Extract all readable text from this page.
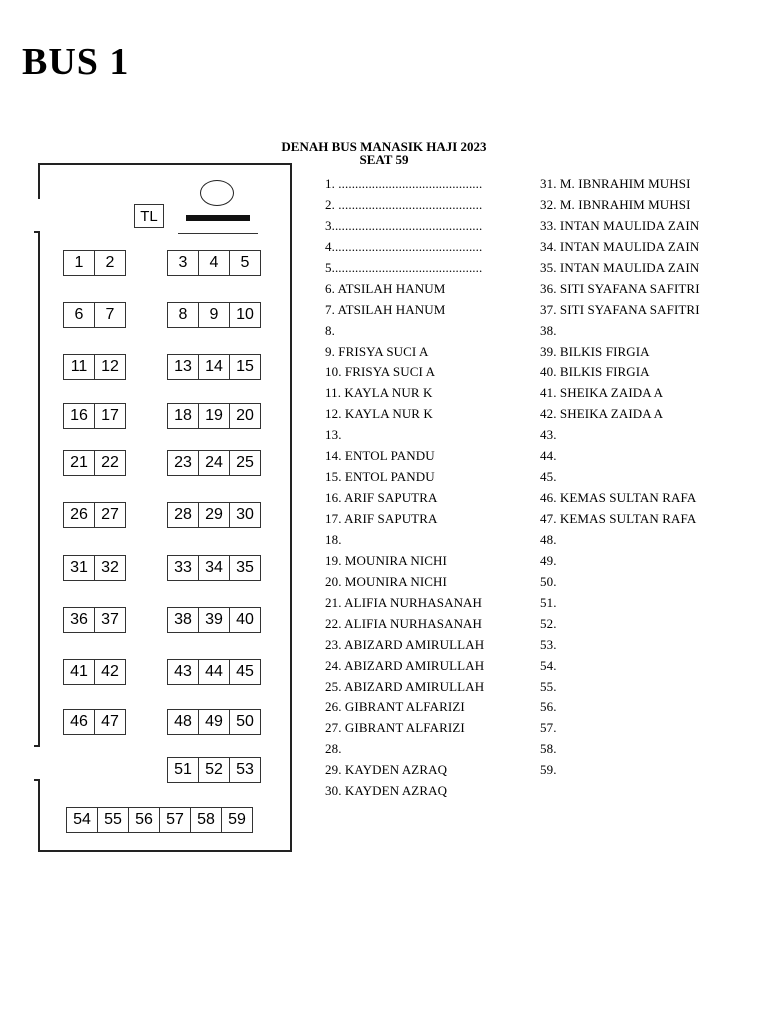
BUS 1
DENAH BUS MANASIK HAJI 2023
SEAT 59
TL
1	2	3	4	5
6	7	8	9	10
11 12	13 14 15
16 17	18 19 20
21 22	23 24 25
26 27	28 29 30
31 32	33 34 35
36 37	38 39 40
41 42	43 44 45
46 47	48 49 50
51 52 53
54 55 56 57 58 59
1. ...........................................
2. ...........................................
3.............................................
4.............................................
5.............................................
6. ATSILAH HANUM
7. ATSILAH HANUM
8.
9. FRISYA SUCI A
10. FRISYA SUCI A
11. KAYLA NUR K
12. KAYLA NUR K
13.
14. ENTOL PANDU
15. ENTOL PANDU
16. ARIF SAPUTRA
17. ARIF SAPUTRA
18.
19. MOUNIRA NICHI
20. MOUNIRA NICHI
21. ALIFIA NURHASANAH
22. ALIFIA NURHASANAH
23. ABIZARD AMIRULLAH
24. ABIZARD AMIRULLAH
25. ABIZARD AMIRULLAH
26. GIBRANT ALFARIZI
27. GIBRANT ALFARIZI
28.
29. KAYDEN AZRAQ
30. KAYDEN AZRAQ
31. M. IBNRAHIM MUHSI
32. M. IBNRAHIM MUHSI
33. INTAN MAULIDA ZAIN
34. INTAN MAULIDA ZAIN
35. INTAN MAULIDA ZAIN
36. SITI SYAFANA SAFITRI
37. SITI SYAFANA SAFITRI
38.
39. BILKIS FIRGIA
40. BILKIS FIRGIA
41. SHEIKA ZAIDA A
42. SHEIKA ZAIDA A
43.
44.
45.
46. KEMAS SULTAN RAFA
47. KEMAS SULTAN RAFA
48.
49.
50.
51.
52.
53.
54.
55.
56.
57.
58.
59.
